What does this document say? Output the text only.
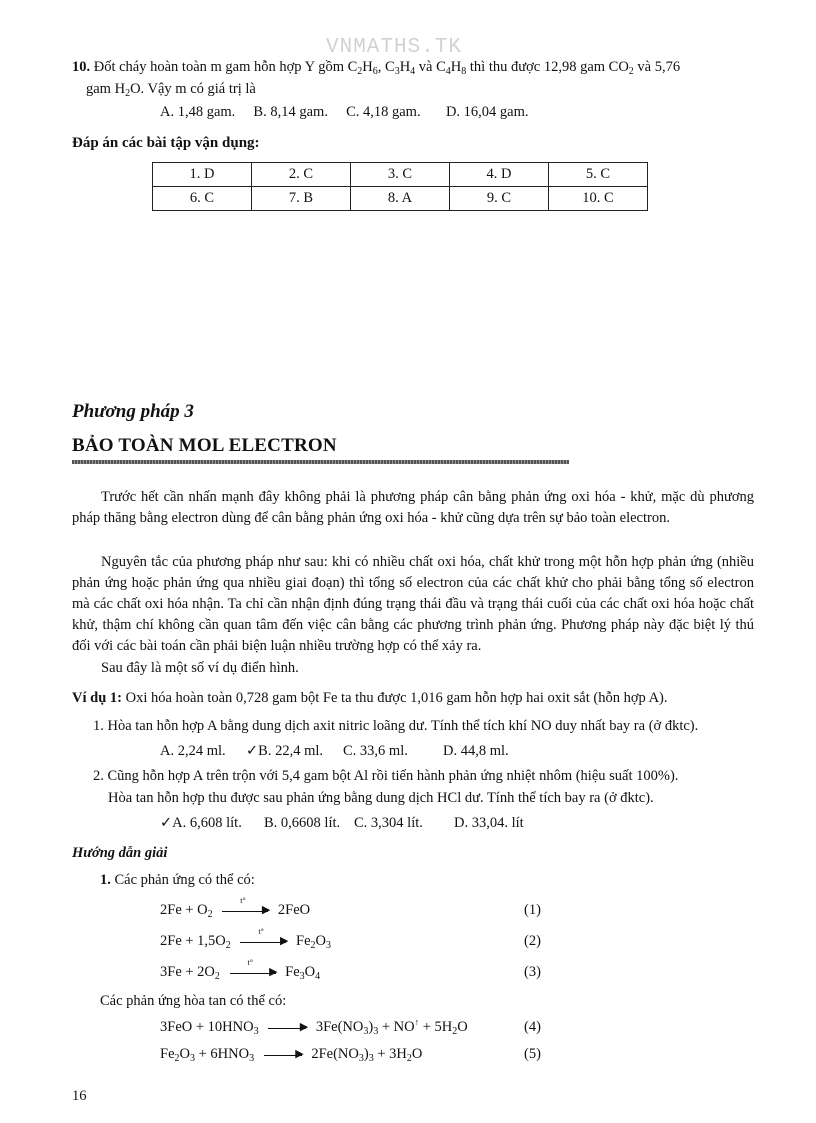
VNMATHS.TK
10. Đốt cháy hoàn toàn m gam hỗn hợp Y gồm $C_2H_6$, $C_3H_4$ và $C_4H_8$ thì thu được 12,98 gam $CO_2$ và 5,76
gam $H_2O$. Vậy m có giá trị là
A. 1,48 gam.     B. 8,14 gam.     C. 4,18 gam.       D. 16,04 gam.
Đáp án các bài tập vận dụng:
1. D	2. C	3. C	4. D	5. C
6. C	7. B	8. A	9. C	10. C
Phương pháp 3
BẢO TOÀN MOL ELECTRON
Trước hết cần nhấn mạnh đây không phải là phương pháp cân bằng phản ứng oxi hóa - khử, mặc dù phương pháp thăng bằng electron dùng để cân bằng phản ứng oxi hóa - khử cũng dựa trên sự bảo toàn electron.
Nguyên tắc của phương pháp như sau: khi có nhiều chất oxi hóa, chất khử trong một hỗn hợp phản ứng (nhiều phản ứng hoặc phản ứng qua nhiều giai đoạn) thì tổng số electron của các chất khử cho phải bằng tổng số electron mà các chất oxi hóa nhận. Ta chỉ cần nhận định đúng trạng thái đầu và trạng thái cuối của các chất oxi hóa hoặc chất khử, thậm chí không cần quan tâm đến việc cân bằng các phương trình phản ứng. Phương pháp này đặc biệt lý thú đối với các bài toán cần phải biện luận nhiều trường hợp có thể xảy ra.
Sau đây là một số ví dụ điển hình.
Ví dụ 1: Oxi hóa hoàn toàn 0,728 gam bột Fe ta thu được 1,016 gam hỗn hợp hai oxit sắt (hỗn hợp A).
1. Hòa tan hỗn hợp A bằng dung dịch axit nitric loãng dư. Tính thể tích khí NO duy nhất bay ra (ở đktc).
A. 2,24 ml. ✓B. 22,4 ml. C. 33,6 ml. D. 44,8 ml.
2. Cũng hỗn hợp A trên trộn với 5,4 gam bột Al rồi tiến hành phản ứng nhiệt nhôm (hiệu suất 100%).
Hòa tan hỗn hợp thu được sau phản ứng bằng dung dịch HCl dư. Tính thể tích bay ra (ở đktc).
✓A. 6,608 lít. B. 0,6608 lít. C. 3,304 lít. D. 33,04. lít
Hướng dẫn giải
1. Các phản ứng có thể có:
$2Fe + O_2$
t°
▶ 2FeO	(1)
$2Fe + 1,5O_2$
t°
▶ $Fe_2O_3$	(2)
$3Fe + 2O_2$
t°
▶ $Fe_3O_4$	(3)
Các phản ứng hòa tan có thể có:
$3FeO + 10HNO_3$	▶ $3Fe(NO_3)_3 + NO^↑ + 5H_2O$	(4)
$Fe_2O_3 + 6HNO_3$	▶ $2Fe(NO_3)_3 + 3H_2O$	(5)
16
